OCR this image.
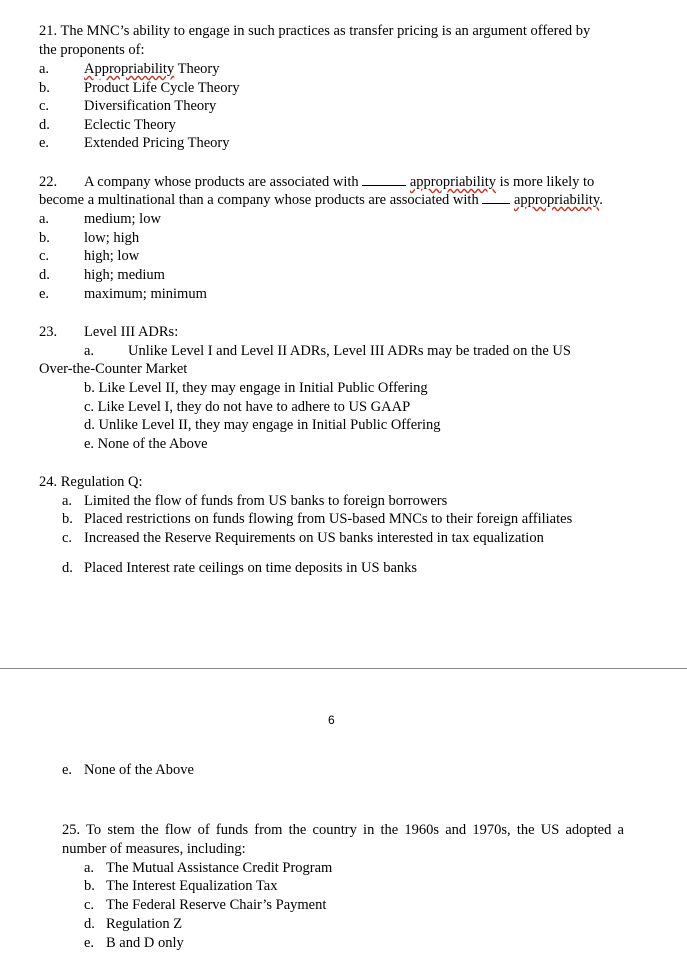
21. The MNC’s ability to engage in such practices as transfer pricing is an argument offered by
the proponents of:
a. Appropriability Theory
b. Product Life Cycle Theory
c. Diversification Theory
d. Eclectic Theory
e. Extended Pricing Theory
22. A company whose products are associated with	appropriability is more likely to
become a multinational than a company whose products are associated with appropriability.
a. medium; low
b. low; high
c. high; low
d. high; medium
e. maximum; minimum
23. Level III ADRs:
a. Unlike Level I and Level II ADRs, Level III ADRs may be traded on the US
Over-the-Counter Market
b. Like Level II, they may engage in Initial Public Offering
c. Like Level I, they do not have to adhere to US GAAP
d. Unlike Level II, they may engage in Initial Public Offering
e. None of the Above
24. Regulation Q:
a. Limited the flow of funds from US banks to foreign borrowers
b. Placed restrictions on funds flowing from US-based MNCs to their foreign affiliates
c. Increased the Reserve Requirements on US banks interested in tax equalization
d. Placed Interest rate ceilings on time deposits in US banks
6
e. None of the Above
25. To stem the flow of funds from the country in the 1960s and 1970s, the US adopted a
number of measures, including:
a. The Mutual Assistance Credit Program
b. The Interest Equalization Tax
c. The Federal Reserve Chair’s Payment
d. Regulation Z
e. B and D only
